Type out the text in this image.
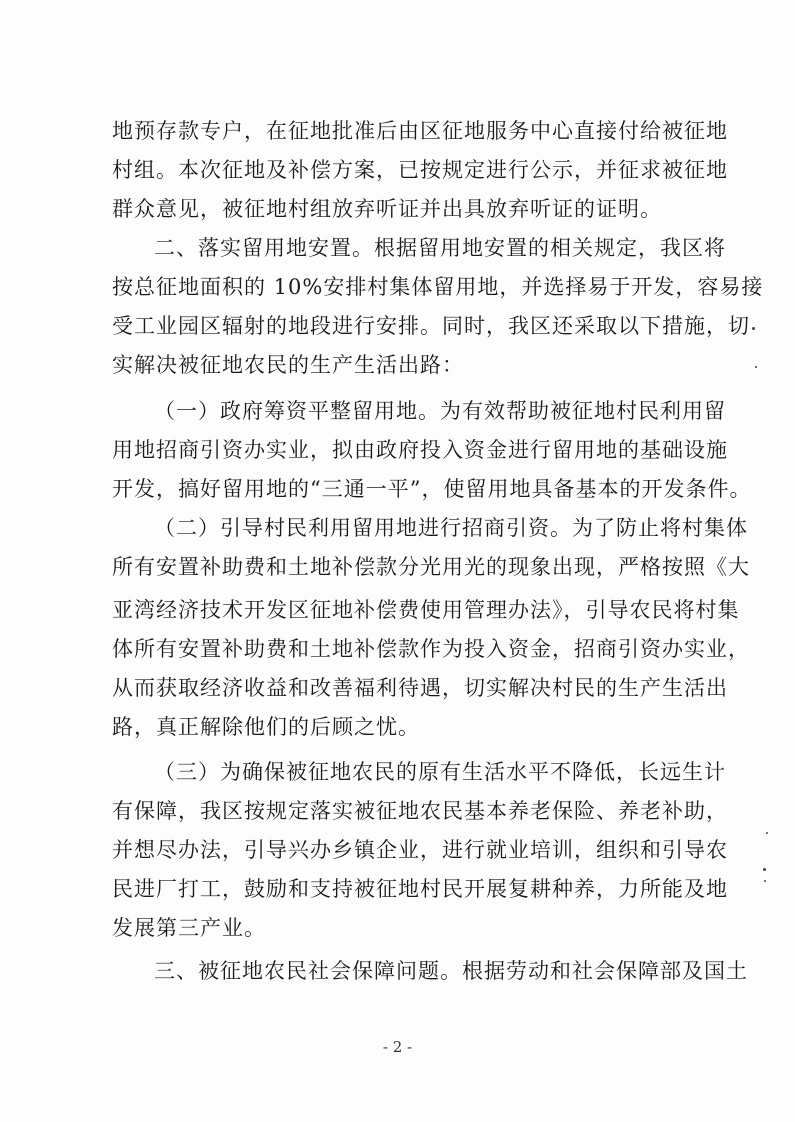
地预存款专户，在征地批准后由区征地服务中心直接付给被征地
村组。本次征地及补偿方案，已按规定进行公示，并征求被征地
群众意见，被征地村组放弃听证并出具放弃听证的证明。
二、落实留用地安置。根据留用地安置的相关规定，我区将
按总征地面积的 10%安排村集体留用地，并选择易于开发，容易接
受工业园区辐射的地段进行安排。同时，我区还采取以下措施，切
实解决被征地农民的生产生活出路：
（一）政府筹资平整留用地。为有效帮助被征地村民利用留
用地招商引资办实业，拟由政府投入资金进行留用地的基础设施
开发，搞好留用地的“三通一平”，使留用地具备基本的开发条件。
（二）引导村民利用留用地进行招商引资。为了防止将村集体
所有安置补助费和土地补偿款分光用光的现象出现，严格按照《大
亚湾经济技术开发区征地补偿费使用管理办法》，引导农民将村集
体所有安置补助费和土地补偿款作为投入资金，招商引资办实业，
从而获取经济收益和改善福利待遇，切实解决村民的生产生活出
路，真正解除他们的后顾之忧。
（三）为确保被征地农民的原有生活水平不降低，长远生计
有保障，我区按规定落实被征地农民基本养老保险、养老补助，
并想尽办法，引导兴办乡镇企业，进行就业培训，组织和引导农
民进厂打工，鼓励和支持被征地村民开展复耕种养，力所能及地
发展第三产业。
三、被征地农民社会保障问题。根据劳动和社会保障部及国土
- 2 -
